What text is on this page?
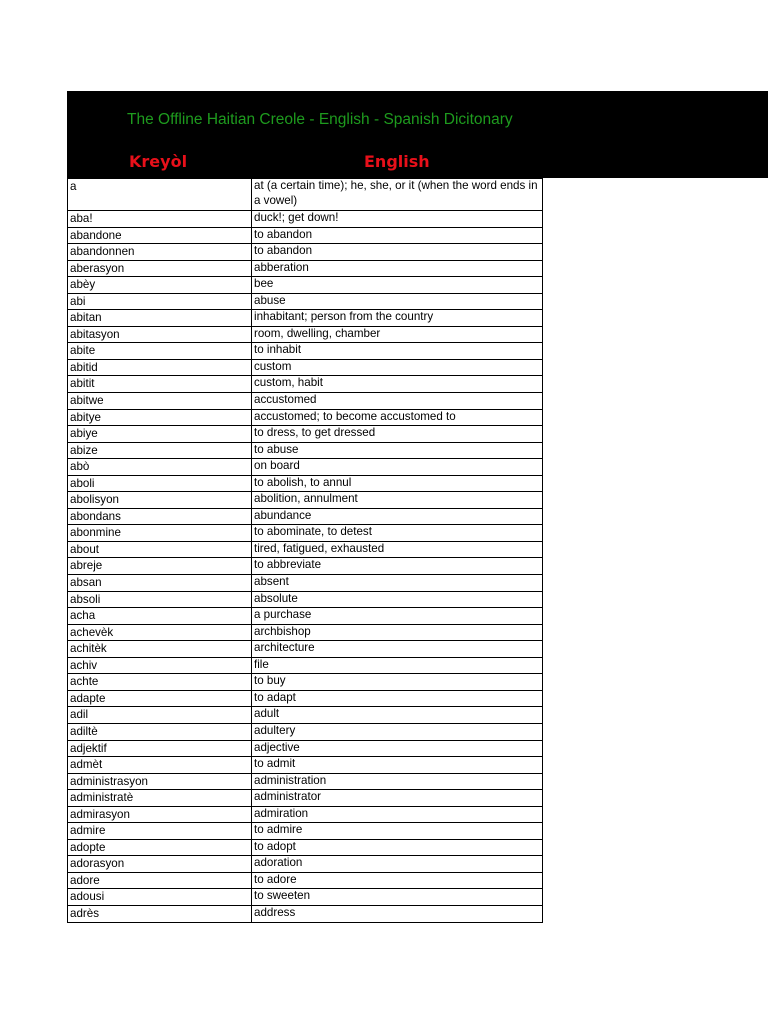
The Offline Haitian Creole - English - Spanish Dicitonary
Kreyòl	English
a	at (a certain time); he, she, or it (when the word ends in a vowel)
aba!	duck!; get down!
abandone	to abandon
abandonnen	to abandon
aberasyon	abberation
abèy	bee
abi	abuse
abitan	inhabitant; person from the country
abitasyon	room, dwelling, chamber
abite	to inhabit
abitid	custom
abitit	custom, habit
abitwe	accustomed
abitye	accustomed; to become accustomed to
abiye	to dress, to get dressed
abize	to abuse
abò	on board
aboli	to abolish, to annul
abolisyon	abolition, annulment
abondans	abundance
abonmine	to abominate, to detest
about	tired, fatigued, exhausted
abreje	to abbreviate
absan	absent
absoli	absolute
acha	a purchase
achevèk	archbishop
achitèk	architecture
achiv	file
achte	to buy
adapte	to adapt
adil	adult
adiltè	adultery
adjektif	adjective
admèt	to admit
administrasyon	administration
administratè	administrator
admirasyon	admiration
admire	to admire
adopte	to adopt
adorasyon	adoration
adore	to adore
adousi	to sweeten
adrès	address
